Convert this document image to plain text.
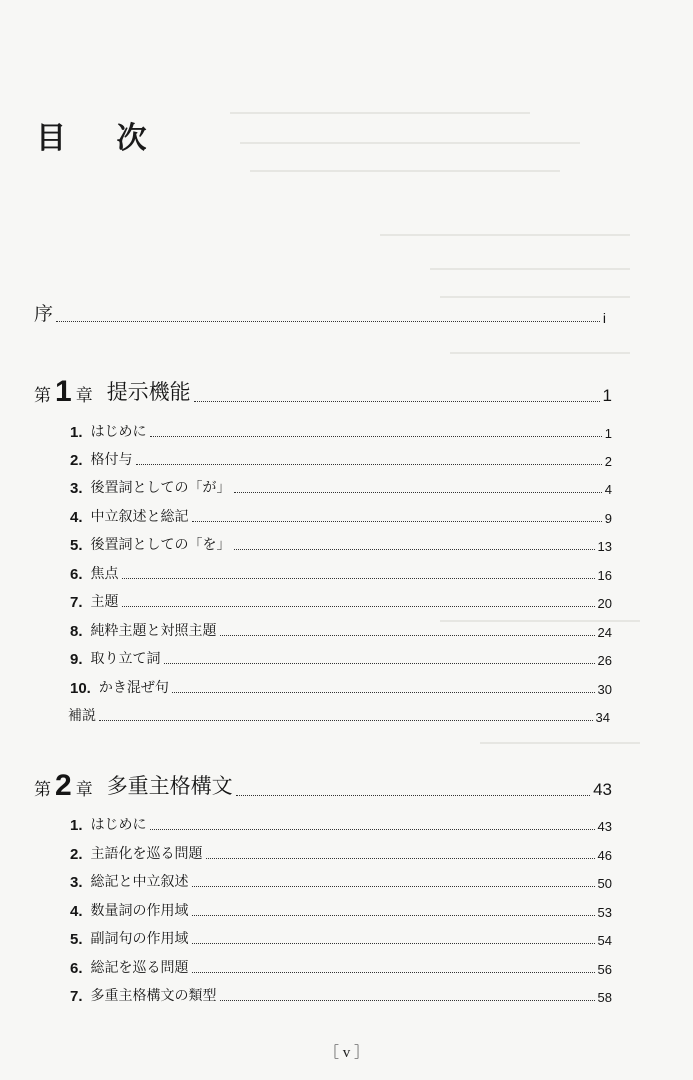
目 次
序	i
第 1 章 提示機能	1
1. はじめに	1
2. 格付与	2
3. 後置詞としての「が」	4
4. 中立叙述と総記	9
5. 後置詞としての「を」	13
6. 焦点	16
7. 主題	20
8. 純粋主題と対照主題	24
9. 取り立て詞	26
10. かき混ぜ句	30
補説	34
第 2 章 多重主格構文	43
1. はじめに	43
2. 主語化を巡る問題	46
3. 総記と中立叙述	50
4. 数量詞の作用域	53
5. 副詞句の作用域	54
6. 総記を巡る問題	56
7. 多重主格構文の類型	58
［ v ］
